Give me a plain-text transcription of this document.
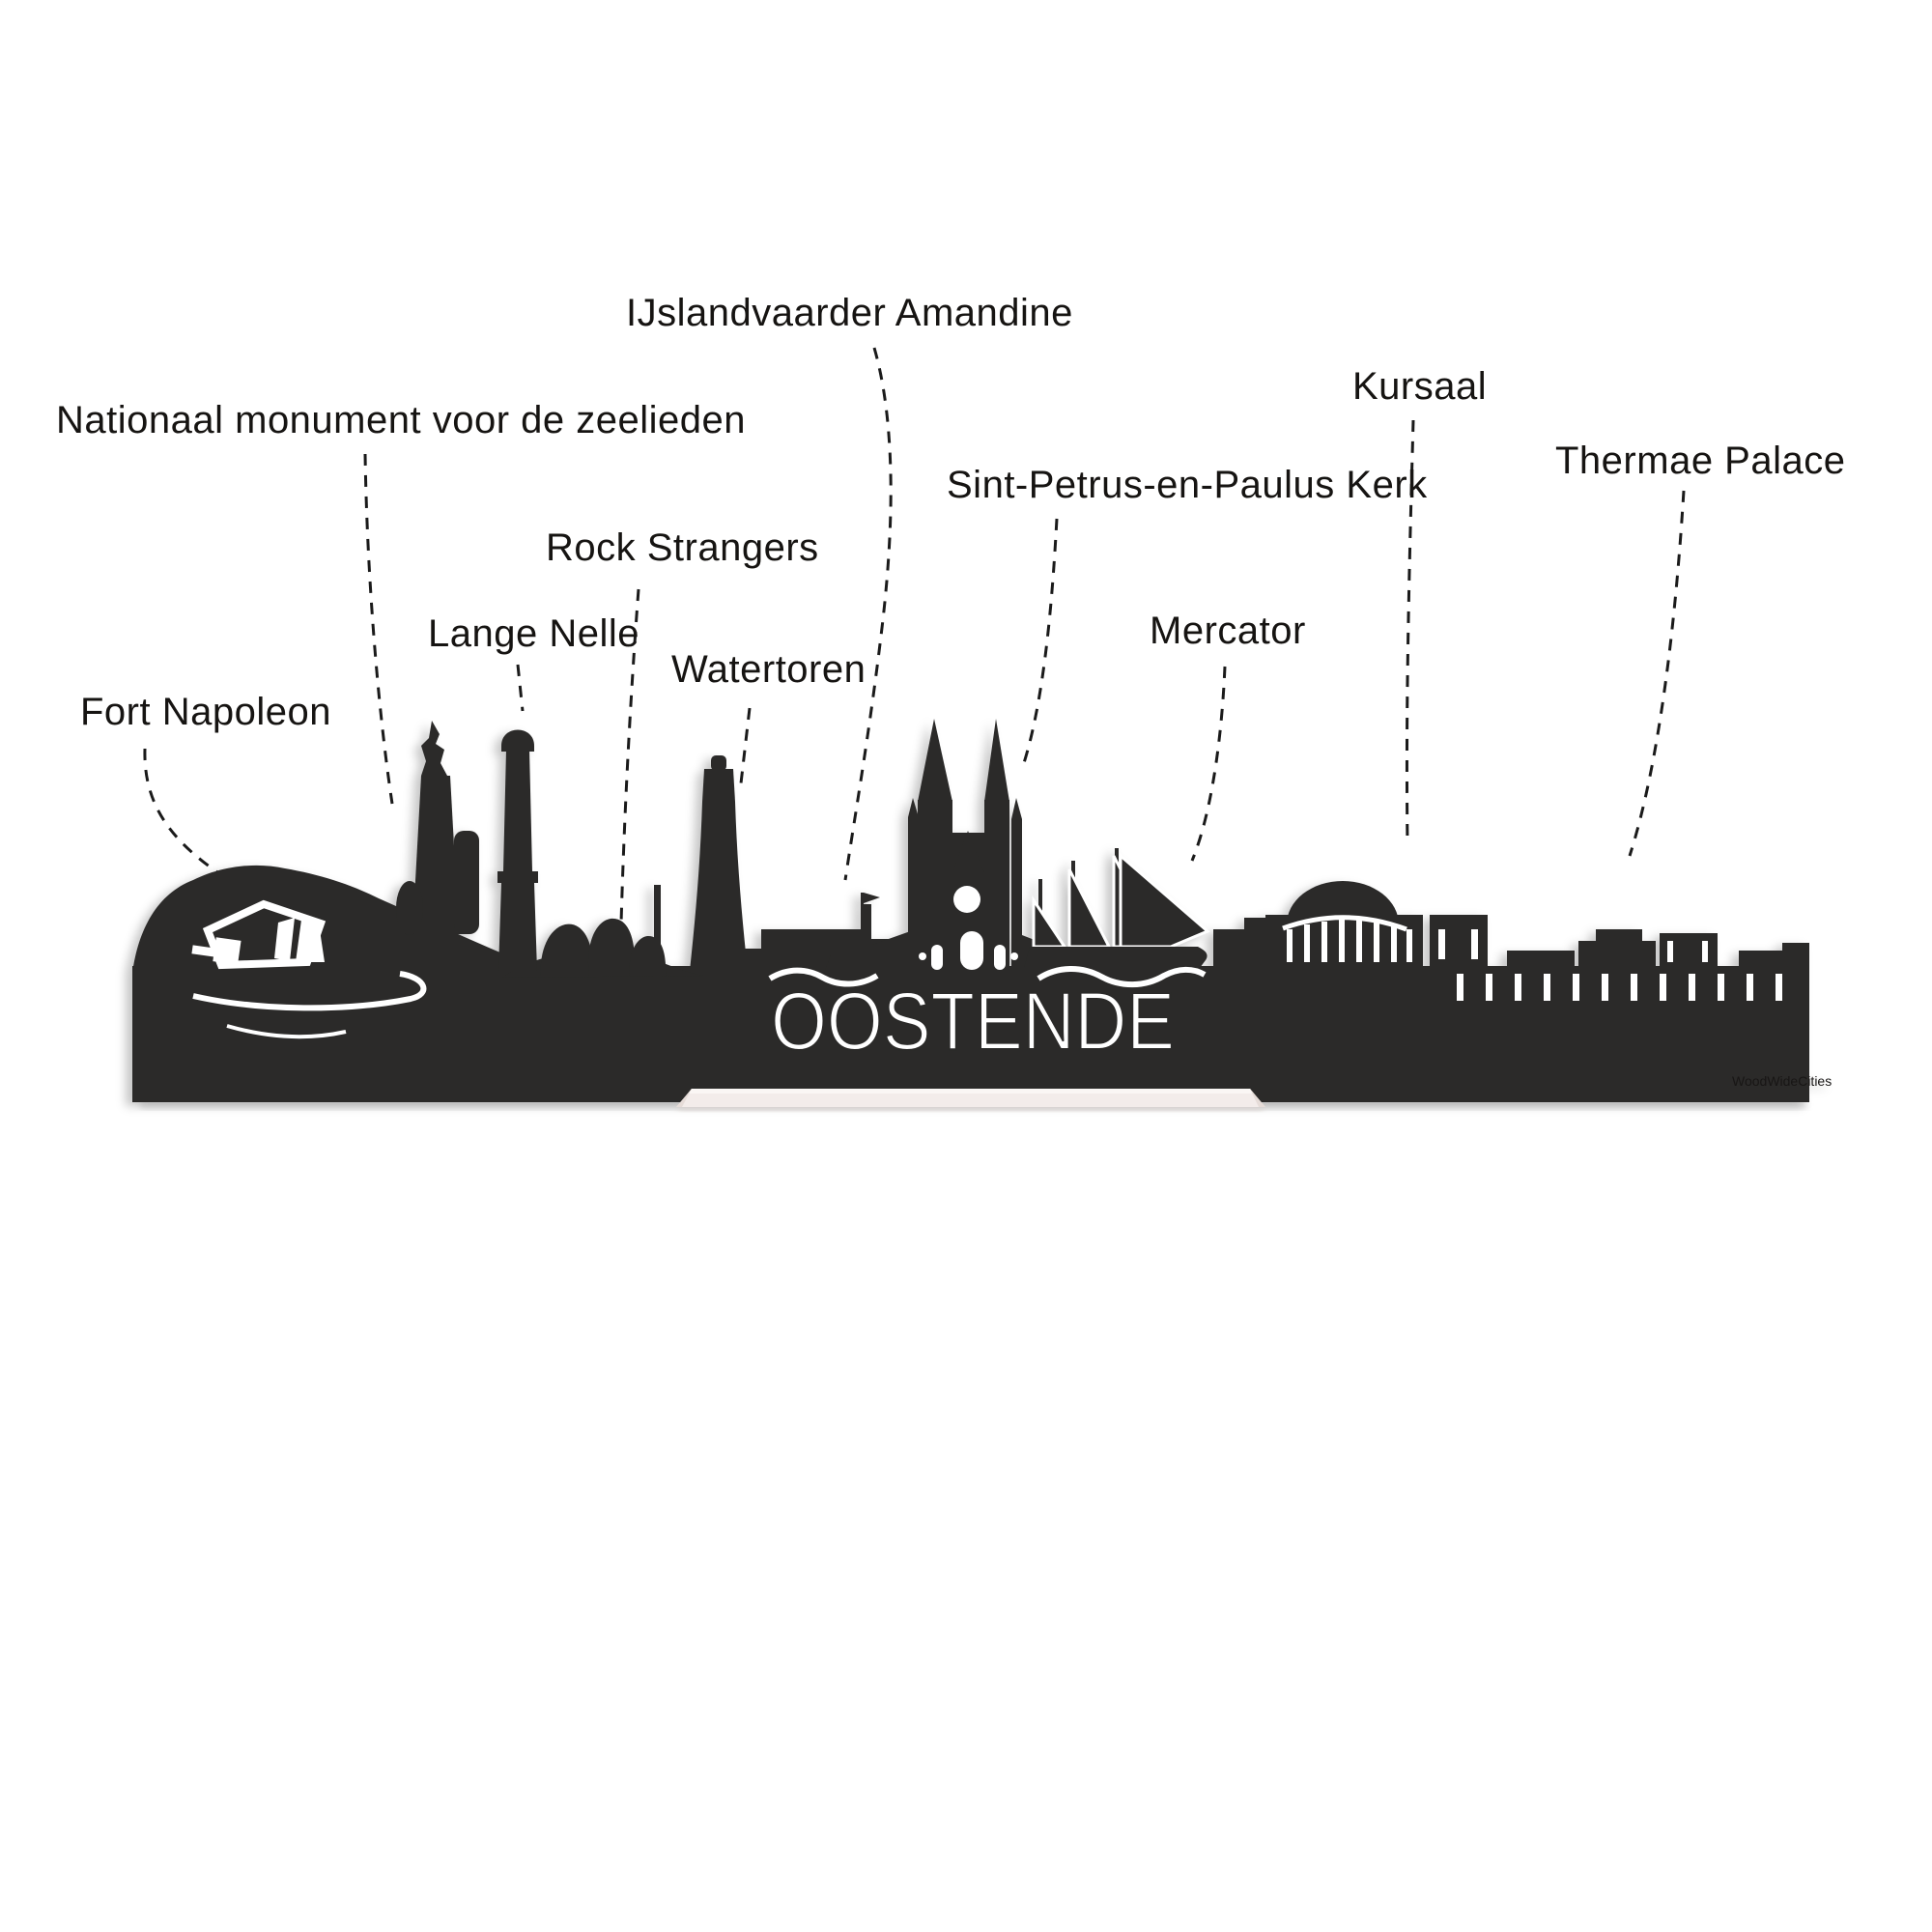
OOSTENDE
WoodWideCities
Fort Napoleon
Nationaal monument voor de zeelieden
IJslandvaarder Amandine
Rock Strangers
Lange Nelle
Watertoren
Sint-Petrus-en-Paulus Kerk
Mercator
Kursaal
Thermae Palace
